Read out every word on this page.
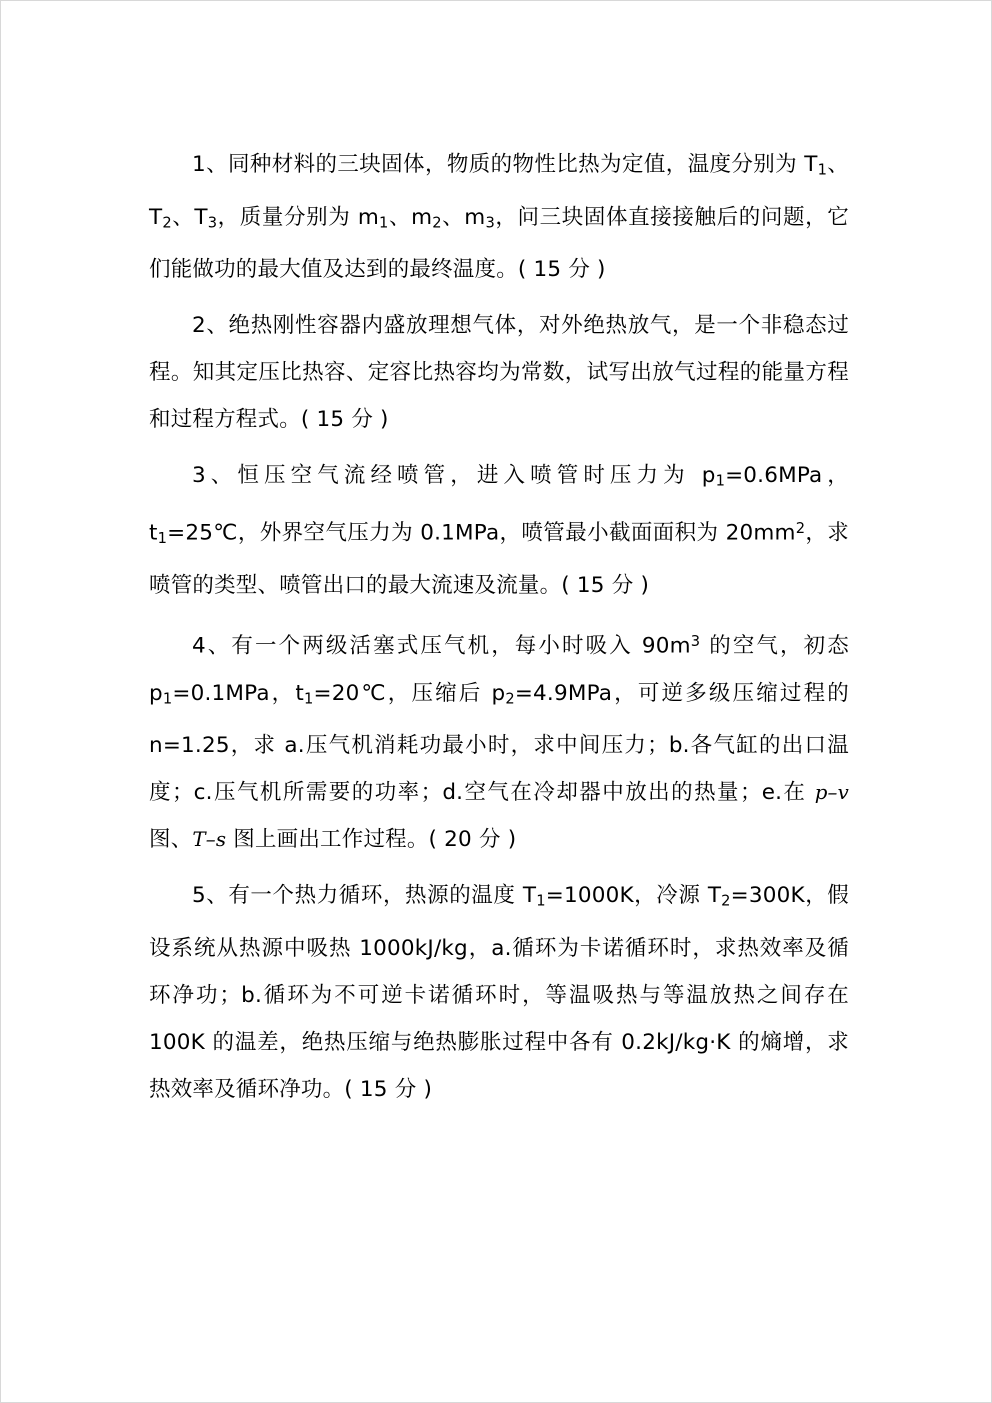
1、同种材料的三块固体，物质的物性比热为定值，温度分别为 $T_1$、$T_2$、$T_3$，质量分别为 $m_1$、$m_2$、$m_3$，问三块固体直接接触后的问题，它们能做功的最大值及达到的最终温度。( 15 分 )

2、绝热刚性容器内盛放理想气体，对外绝热放气，是一个非稳态过程。知其定压比热容、定容比热容均为常数，试写出放气过程的能量方程和过程方程式。( 15 分 )

3、恒压空气流经喷管，进入喷管时压力为 $p_1=0.6MPa$，$t_1=25℃$，外界空气压力为 0.1MPa，喷管最小截面面积为 $20mm^2$，求喷管的类型、喷管出口的最大流速及流量。( 15 分 )

4、有一个两级活塞式压气机，每小时吸入 $90m^3$ 的空气，初态 $p_1=0.1MPa$，$t_1=20℃$，压缩后 $p_2=4.9MPa$，可逆多级压缩过程的 n=1.25，求 a.压气机消耗功最小时，求中间压力；b.各气缸的出口温度；c.压气机所需要的功率；d.空气在冷却器中放出的热量；e.在 p–v 图、T–s 图上画出工作过程。( 20 分 )

5、有一个热力循环，热源的温度 $T_1=1000K$，冷源 $T_2=300K$，假设系统从热源中吸热 1000kJ/kg，a.循环为卡诺循环时，求热效率及循环净功；b.循环为不可逆卡诺循环时，等温吸热与等温放热之间存在 100K 的温差，绝热压缩与绝热膨胀过程中各有 0.2kJ/kg·K 的熵增，求热效率及循环净功。( 15 分 )
